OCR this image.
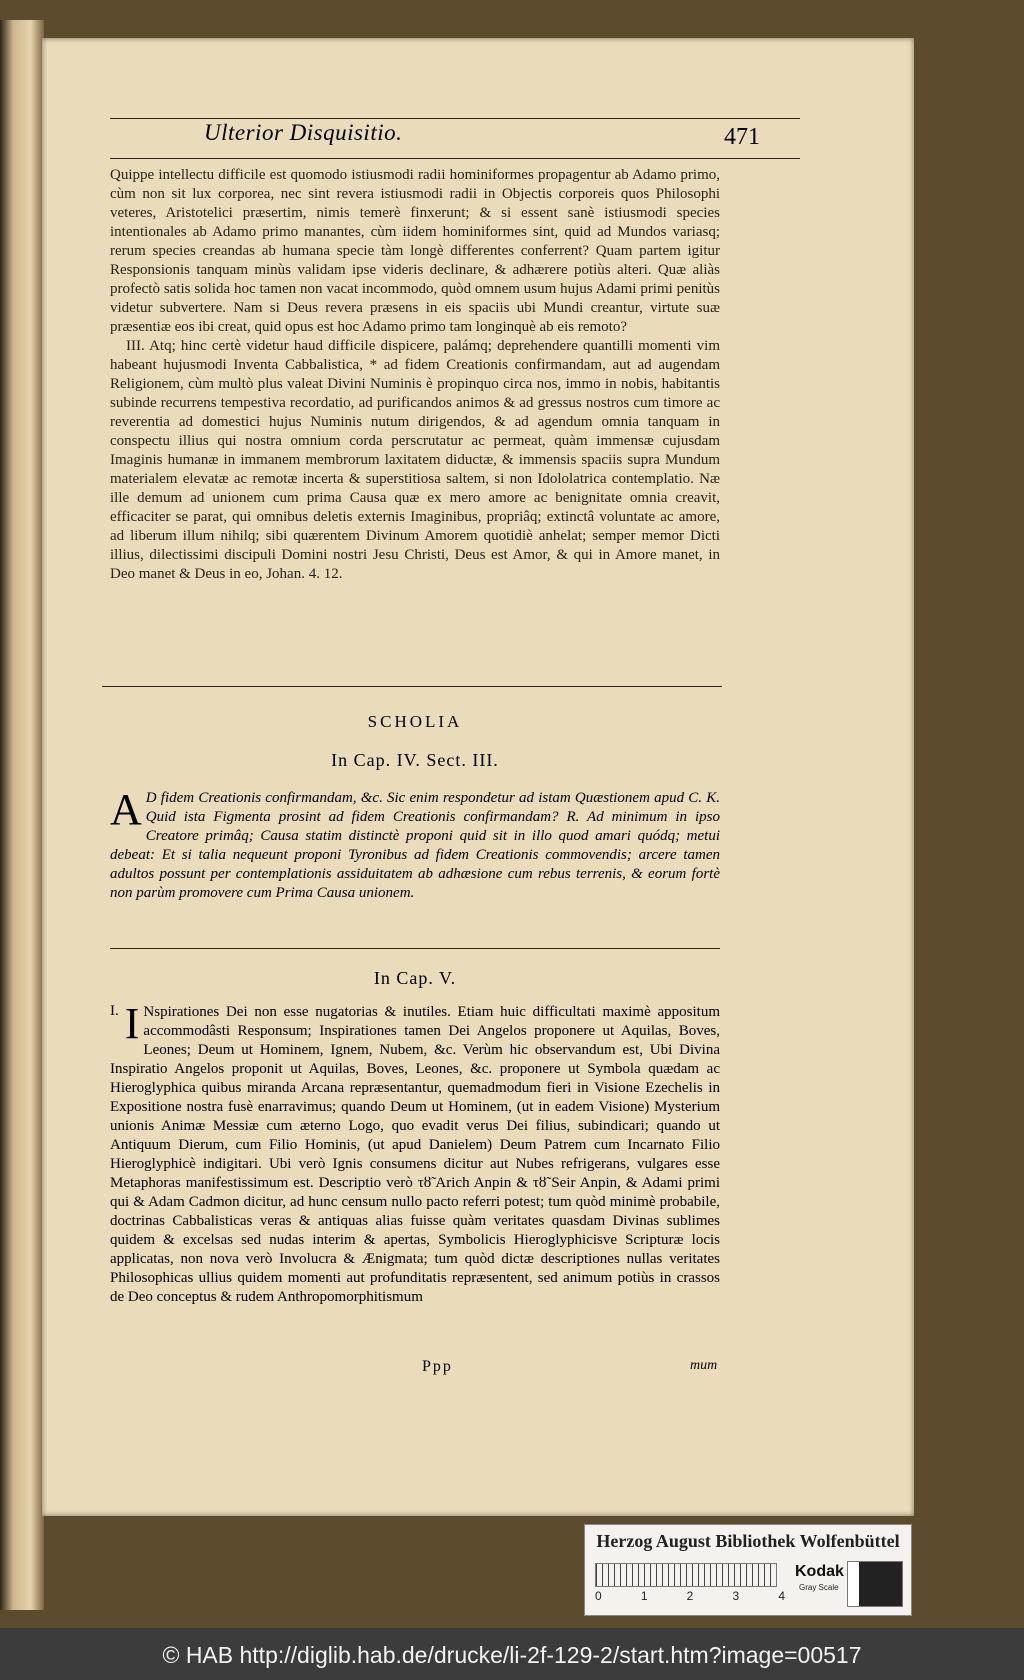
Ulterior Disquisitio.	471

Quippe intellectu difficile est quomodo istiusmodi radii hominiformes propagentur ab Adamo primo, cùm non sit lux corporea, nec sint revera istiusmodi radii in Objectis corporeis quos Philosophi veteres, Aristotelici præsertim, nimis temerè finxerunt; & si essent sanè istiusmodi species intentionales ab Adamo primo manantes, cùm iidem hominiformes sint, quid ad Mundos variasq; rerum species creandas ab humana specie tàm longè differentes conferrent? Quam partem igitur Responsionis tanquam minùs validam ipse videris declinare, & adhærere potiùs alteri. Quæ aliàs profectò satis solida hoc tamen non vacat incommodo, quòd omnem usum hujus Adami primi penitùs videtur subvertere. Nam si Deus revera præsens in eis spaciis ubi Mundi creantur, virtute suæ præsentiæ eos ibi creat, quid opus est hoc Adamo primo tam longinquè ab eis remoto?

III. Atq; hinc certè videtur haud difficile dispicere, palámq; deprehendere quantilli momenti vim habeant hujusmodi Inventa Cabbalistica, * ad fidem Creationis confirmandam, aut ad augendam Religionem, cùm multò plus valeat Divini Numinis è propinquo circa nos, immo in nobis, habitantis subinde recurrens tempestiva recordatio, ad purificandos animos & ad gressus nostros cum timore ac reverentia ad domestici hujus Numinis nutum dirigendos, & ad agendum omnia tanquam in conspectu illius qui nostra omnium corda perscrutatur ac permeat, quàm immensæ cujusdam Imaginis humanæ in immanem membrorum laxitatem diductæ, & immensis spaciis supra Mundum materialem elevatæ ac remotæ incerta & superstitiosa saltem, si non Idololatrica contemplatio. Næ ille demum ad unionem cum prima Causa quæ ex mero amore ac benignitate omnia creavit, efficaciter se parat, qui omnibus deletis externis Imaginibus, propriâq; extinctâ voluntate ac amore, ad liberum illum nihilq; sibi quærentem Divinum Amorem quotidiè anhelat; semper memor Dicti illius, dilectissimi discipuli Domini nostri Jesu Christi, Deus est Amor, & qui in Amore manet, in Deo manet & Deus in eo, Johan. 4. 12.

SCHOLIA
In Cap. IV. Sect. III.
A D fidem Creationis confirmandam, &c. Sic enim respondetur ad istam Quæstionem apud C. K. Quid ista Figmenta prosint ad fidem Creationis confirmandam? R. Ad minimum in ipso Creatore primâq; Causa statim distinctè proponi quid sit in illo quod amari quódq; metui debeat: Et si talia nequeunt proponi Tyronibus ad fidem Creationis commovendis; arcere tamen adultos possunt per contemplationis assiduitatem ab adhæsione cum rebus terrenis, & eorum fortè non parùm promovere cum Prima Causa unionem.

In Cap. V.
I. I Nspirationes Dei non esse nugatorias & inutiles. Etiam huic difficultati maximè appositum accommodâsti Responsum; Inspirationes tamen Dei Angelos proponere ut Aquilas, Boves, Leones; Deum ut Hominem, Ignem, Nubem, &c. Verùm hic observandum est, Ubi Divina Inspiratio Angelos proponit ut Aquilas, Boves, Leones, &c. proponere ut Symbola quædam ac Hieroglyphica quibus miranda Arcana repræsentantur, quemadmodum fieri in Visione Ezechelis in Expositione nostra fusè enarravimus; quando Deum ut Hominem, (ut in eadem Visione) Mysterium unionis Animæ Messiæ cum æterno Logo, quo evadit verus Dei filius, subindicari; quando ut Antiquum Dierum, cum Filio Hominis, (ut apud Danielem) Deum Patrem cum Incarnato Filio Hieroglyphicè indigitari. Ubi verò Ignis consumens dicitur aut Nubes refrigerans, vulgares esse Metaphoras manifestissimum est. Descriptio verò τȣ̃ Arich Anpin & τȣ̃ Seir Anpin, & Adami primi qui & Adam Cadmon dicitur, ad hunc censum nullo pacto referri potest; tum quòd minimè probabile, doctrinas Cabbalisticas veras & antiquas alias fuisse quàm veritates quasdam Divinas sublimes quidem & excelsas sed nudas interim & apertas, Symbolicis Hieroglyphicisve Scripturæ locis applicatas, non nova verò Involucra & Ænigmata; tum quòd dictæ descriptiones nullas veritates Philosophicas ullius quidem momenti aut profunditatis repræsentent, sed animum potiùs in crassos de Deo conceptus & rudem Anthropomorphitismum

Ppp	mum
Herzog August Bibliothek Wolfenbüttel
0	1	2	3	4
Kodak
Gray Scale
© HAB http://diglib.hab.de/drucke/li-2f-129-2/start.htm?image=00517
